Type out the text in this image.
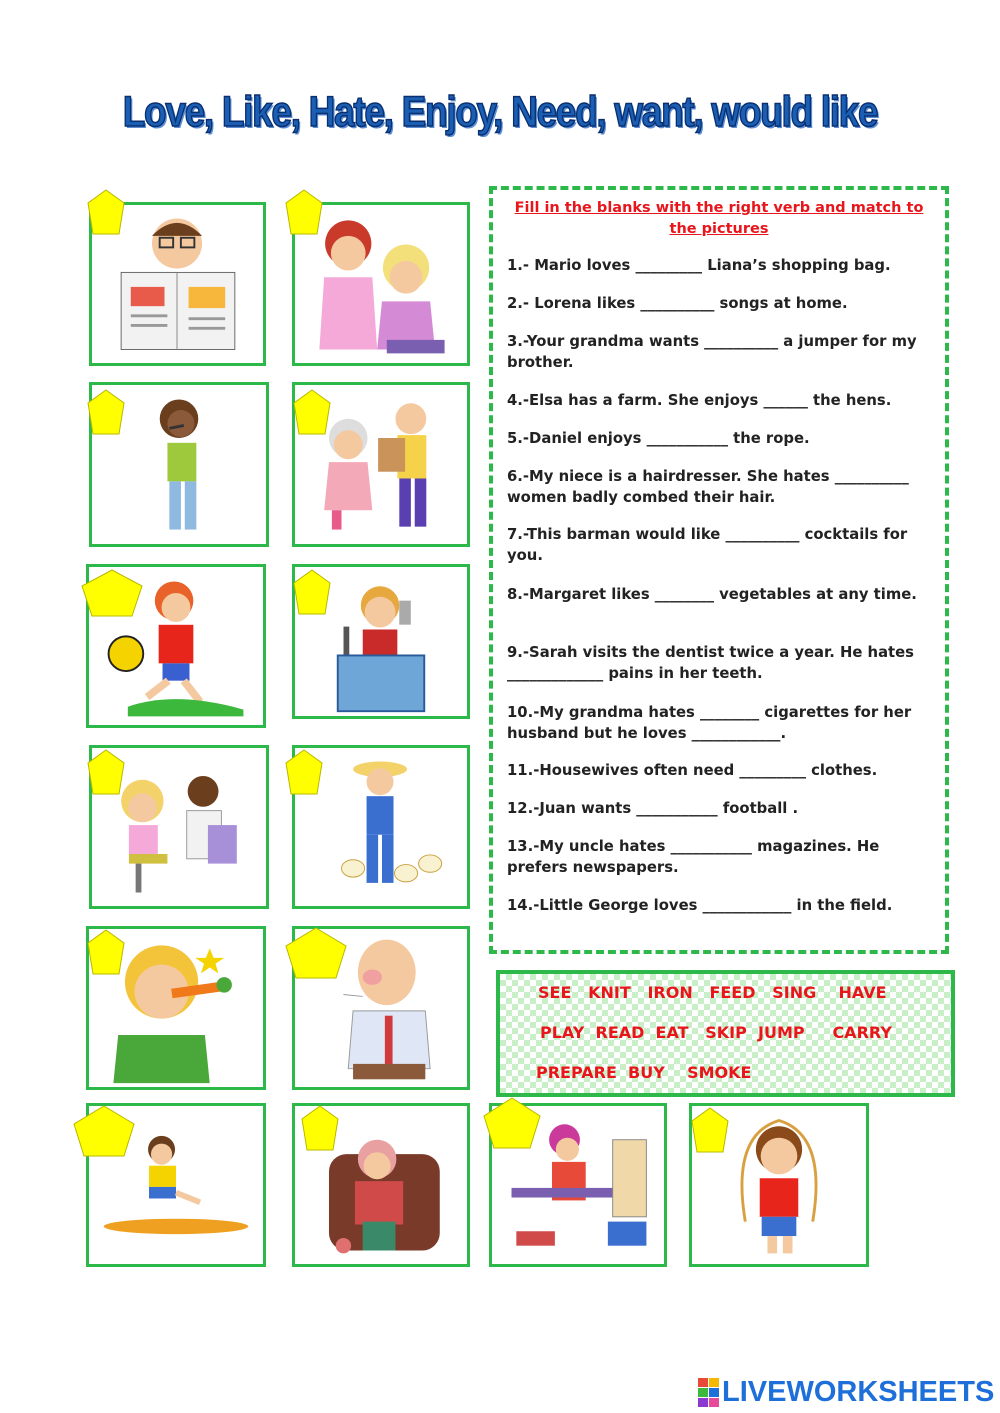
Love, Like, Hate, Enjoy, Need, want, would like
Fill in the blanks with the right verb and match to the pictures
1.- Mario loves _________ Liana’s shopping bag.
2.- Lorena likes __________ songs at home.
3.-Your grandma wants __________ a jumper for my brother.
4.-Elsa has a farm. She enjoys ______ the hens.
5.-Daniel enjoys ___________ the rope.
6.-My niece is a hairdresser. She hates __________ women badly combed their hair.
7.-This barman would like __________ cocktails for you.
8.-Margaret likes ________ vegetables at any time.
9.-Sarah visits the dentist twice a year. He hates _____________ pains in her teeth.
10.-My grandma hates ________ cigarettes for her husband but he loves ____________.
11.-Housewives often need _________ clothes.
12.-Juan wants ___________ football .
13.-My uncle hates ___________ magazines. He prefers newspapers.
14.-Little George loves ____________ in the field.
SEE   KNIT   IRON   FEED   SING    HAVE
PLAY  READ  EAT   SKIP  JUMP     CARRY
PREPARE  BUY    SMOKE
LIVEWORKSHEETS
